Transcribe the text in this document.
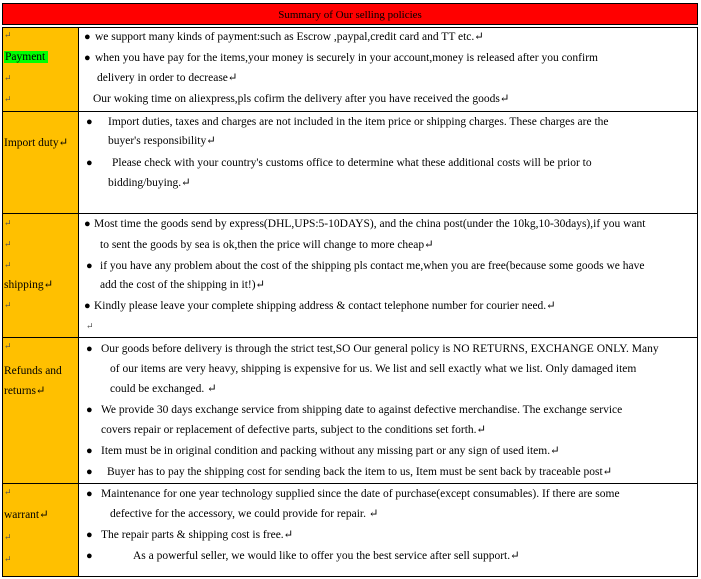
Summary of Our selling policies
↵
Payment
↵
↵
● we support many kinds of payment:such as Escrow ,paypal,credit card and TT etc.↵
● when you have pay for the items,your money is securely in your account,money is released after you confirm
delivery in order to decrease↵
Our woking time on aliexpress,pls cofirm the delivery after you have received the goods↵
Import duty↵
● Import duties, taxes and charges are not included in the item price or shipping charges. These charges are the
buyer's responsibility↵
● Please check with your country's customs office to determine what these additional costs will be prior to
bidding/buying.↵
↵
↵
↵
shipping↵
↵
● Most time the goods send by express(DHL,UPS:5-10DAYS), and the china post(under the 10kg,10-30days),if you want
to sent the goods by sea is ok,then the price will change to more cheap↵
● if you have any problem about the cost of the shipping pls contact me,when you are free(because some goods we have
add the cost of the shipping in it!)↵
● Kindly please leave your complete shipping address & contact telephone number for courier need.↵
↵
↵
Refunds and
returns↵
● Our goods before delivery is through the strict test,SO Our general policy is NO RETURNS, EXCHANGE ONLY. Many
of our items are very heavy, shipping is expensive for us. We list and sell exactly what we list. Only damaged item
could be exchanged. ↵
● We provide 30 days exchange service from shipping date to against defective merchandise. The exchange service
covers repair or replacement of defective parts, subject to the conditions set forth.↵
● Item must be in original condition and packing without any missing part or any sign of used item.↵
● Buyer has to pay the shipping cost for sending back the item to us, Item must be sent back by traceable post↵
↵
warrant↵
↵
↵
● Maintenance for one year technology supplied since the date of purchase(except consumables). If there are some
defective for the accessory, we could provide for repair. ↵
● The repair parts & shipping cost is free.↵
●	As a powerful seller, we would like to offer you the best service after sell support.↵
